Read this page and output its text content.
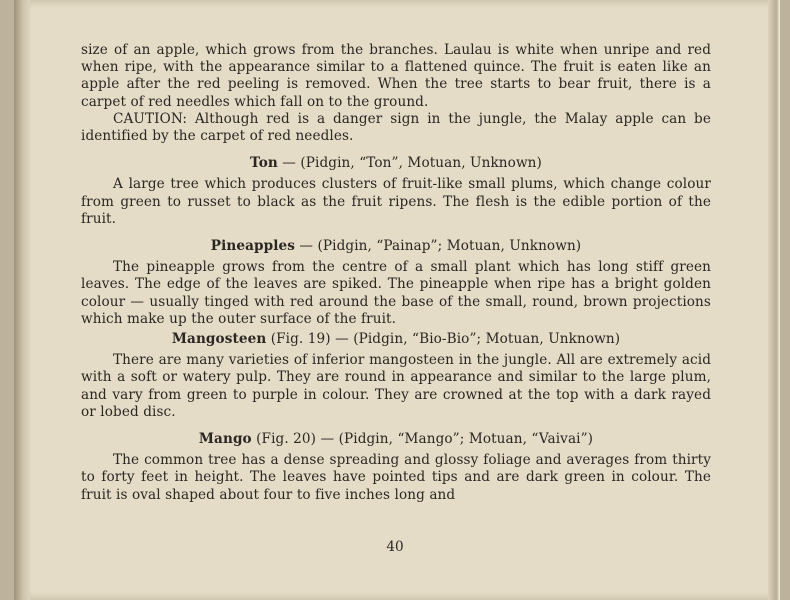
size of an apple, which grows from the branches. Laulau is white when unripe and red when ripe, with the appearance similar to a flattened quince. The fruit is eaten like an apple after the red peeling is removed. When the tree starts to bear fruit, there is a carpet of red needles which fall on to the ground.

CAUTION: Although red is a danger sign in the jungle, the Malay apple can be identified by the carpet of red needles.

Ton — (Pidgin, “Ton”, Motuan, Unknown)

A large tree which produces clusters of fruit-like small plums, which change colour from green to russet to black as the fruit ripens. The flesh is the edible portion of the fruit.

Pineapples — (Pidgin, “Painap”; Motuan, Unknown)

The pineapple grows from the centre of a small plant which has long stiff green leaves. The edge of the leaves are spiked. The pineapple when ripe has a bright golden colour — usually tinged with red around the base of the small, round, brown projections which make up the outer surface of the fruit.

Mangosteen (Fig. 19) — (Pidgin, “Bio-Bio”; Motuan, Unknown)

There are many varieties of inferior mangosteen in the jungle. All are extremely acid with a soft or watery pulp. They are round in appearance and similar to the large plum, and vary from green to purple in colour. They are crowned at the top with a dark rayed or lobed disc.

Mango (Fig. 20) — (Pidgin, “Mango”; Motuan, “Vaivai”)

The common tree has a dense spreading and glossy foliage and averages from thirty to forty feet in height. The leaves have pointed tips and are dark green in colour. The fruit is oval shaped about four to five inches long and

40
